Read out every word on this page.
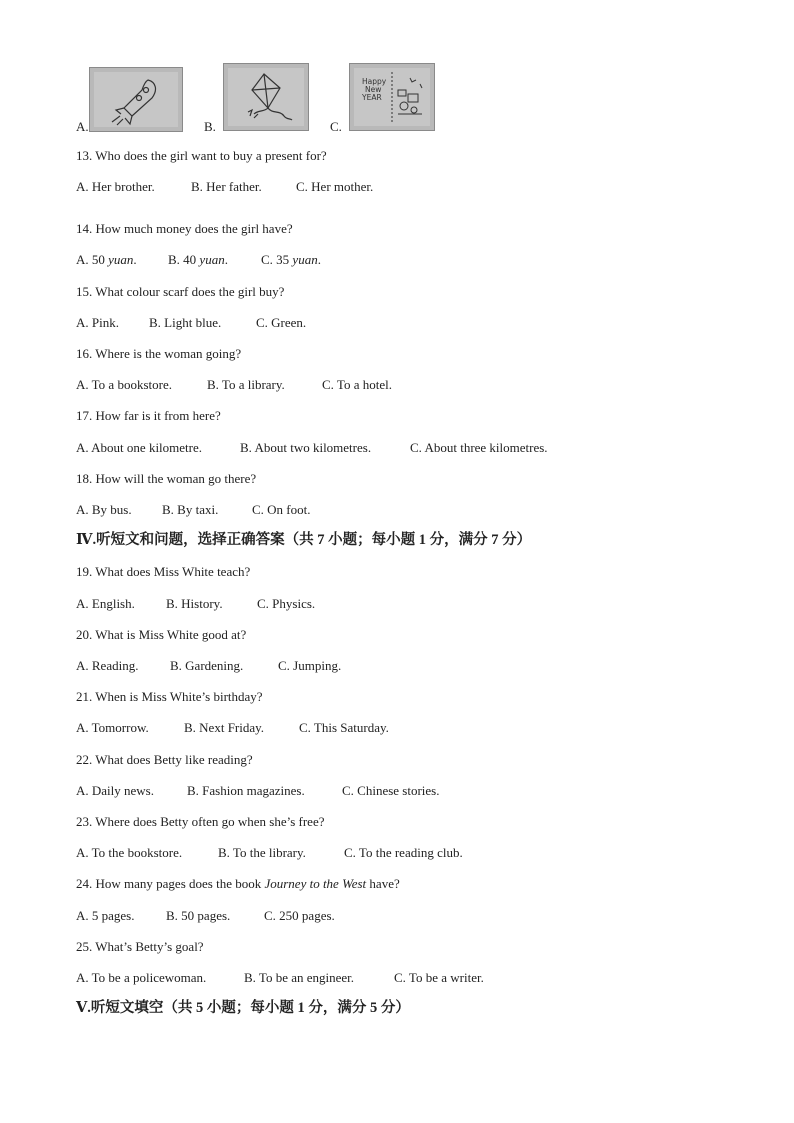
A.	B.	C.
Happy
New
YEAR
13. Who does the girl want to buy a present for?
A. Her brother.	B. Her father.	C. Her mother.
14. How much money does the girl have?
A. 50 yuan. B. 40 yuan.	C. 35 yuan.
15. What colour scarf does the girl buy?
A. Pink. B. Light blue.	C. Green.
16. Where is the woman going?
A. To a bookstore.	B. To a library.	C. To a hotel.
17. How far is it from here?
A. About one kilometre.	B. About two kilometres.	C. About three kilometres.
18. How will the woman go there?
A. By bus. B. By taxi.	C. On foot.
Ⅳ.听短文和问题，选择正确答案（共 7 小题；每小题 1 分，满分 7 分）
19. What does Miss White teach?
A. English. B. History.	C. Physics.
20. What is Miss White good at?
A. Reading. B. Gardening.	C. Jumping.
21. When is Miss White’s birthday?
A. Tomorrow.	B. Next Friday.	C. This Saturday.
22. What does Betty like reading?
A. Daily news.	B. Fashion magazines.	C. Chinese stories.
23. Where does Betty often go when she’s free?
A. To the bookstore.	B. To the library.	C. To the reading club.
24. How many pages does the book Journey to the West have?
A. 5 pages. B. 50 pages.	C. 250 pages.
25. What’s Betty’s goal?
A. To be a policewoman.	B. To be an engineer.	C. To be a writer.
Ⅴ.听短文填空（共 5 小题；每小题 1 分，满分 5 分）
